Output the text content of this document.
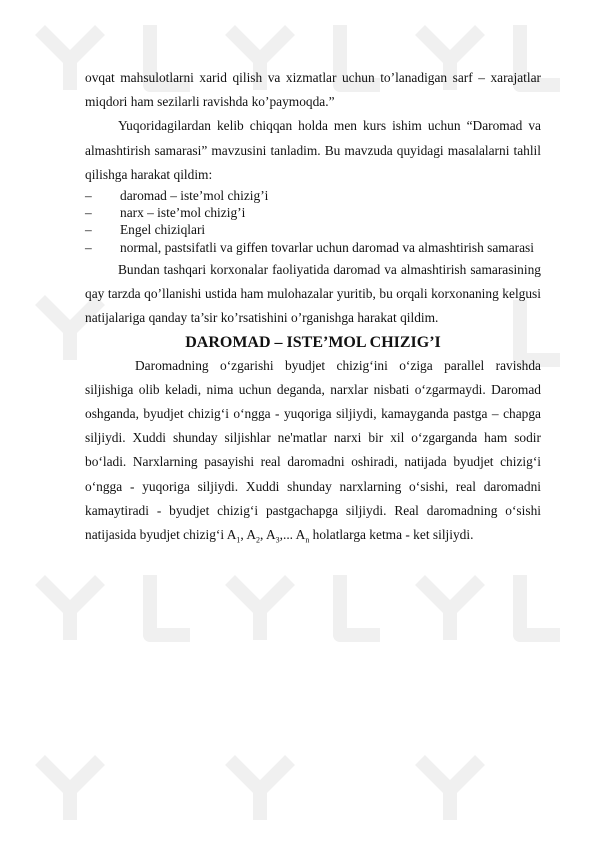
ovqat mahsulotlarni xarid qilish va xizmatlar uchun to’lanadigan sarf – xarajatlar miqdori ham sezilarli ravishda ko’paymoqda.”

Yuqoridagilardan kelib chiqqan holda men kurs ishim uchun “Daromad va almashtirish samarasi” mavzusini tanladim. Bu mavzuda quyidagi masalalarni tahlil qilishga harakat qildim:

– daromad – iste’mol chizig’i
– narx – iste’mol chizig’i
– Engel chiziqlari
– normal, pastsifatli va giffen tovarlar uchun daromad va almashtirish samarasi

Bundan tashqari korxonalar faoliyatida daromad va almashtirish samarasining qay tarzda qo’llanishi ustida ham mulohazalar yuritib, bu orqali korxonaning kelgusi natijalariga qanday ta’sir ko’rsatishini o’rganishga harakat qildim.

DAROMAD – ISTE’MOL CHIZIG’I

Daromadning o‘zgarishi byudjet chizig‘ini o‘ziga parallel ravishda siljishiga olib keladi, nima uchun deganda, narxlar nisbati o‘zgarmaydi. Daromad oshganda, byudjet chizig‘i o‘ngga - yuqoriga siljiydi, kamayganda pastga – chapga siljiydi. Xuddi shunday siljishlar ne'matlar narxi bir xil o‘zgarganda ham sodir bo‘ladi. Narxlarning pasayishi real daromadni oshiradi, natijada byudjet chizig‘i o‘ngga - yuqoriga siljiydi. Xuddi shunday narxlarning o‘sishi, real daromadni kamaytiradi - byudjet chizig‘i pastgachapga siljiydi. Real daromadning o‘sishi natijasida byudjet chizig‘i $A_1$, $A_2$, $A_3$,... $A_n$ holatlarga ketma - ket siljiydi.
